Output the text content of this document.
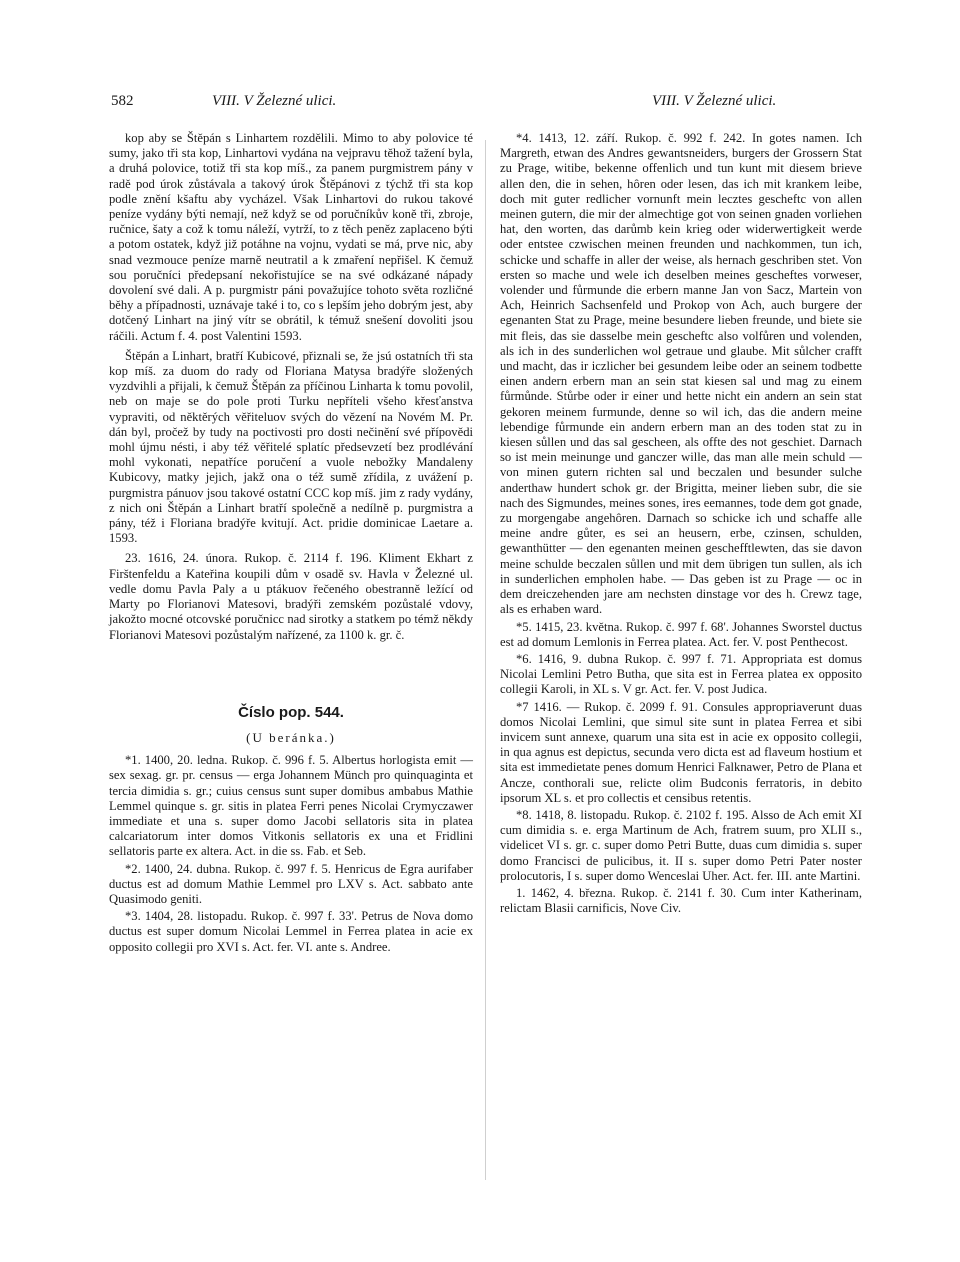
582	VIII. V Železné ulici.	VIII. V Železné ulici.

kop aby se Štěpán s Linhartem rozdělili. Mimo to aby polovice té sumy, jako tři sta kop, Linhartovi vydána na vejpravu těhož tažení byla, a druhá polovice, totiž tři sta kop míš., za panem purgmistrem pány v radě pod úrok zůstávala a takový úrok Štěpánovi z týchž tři sta kop podle znění kšaftu aby vycházel. Však Linhartovi do rukou takové peníze vydány býti nemají, než když se od poručníkův koně tři, zbroje, ručnice, šaty a což k tomu náleží, vytrží, to z těch peněz zaplaceno býti a potom ostatek, když již potáhne na vojnu, vydati se má, prve nic, aby snad vezmouce peníze marně neutratil a k zmaření nepřišel. K čemuž sou poručníci předepsaní nekořistujíce se na své odkázané nápady dovolení své dali. A p. purgmistr páni považujíce tohoto světa rozličné běhy a případnosti, uznávaje také i to, co s lepším jeho dobrým jest, aby dotčený Linhart na jiný vítr se obrátil, k témuž snešení dovoliti jsou ráčili. Actum f. 4. post Valentini 1593.

Štěpán a Linhart, bratří Kubicové, přiznali se, že jsú ostatních tři sta kop míš. za duom do rady od Floriana Matysa bradýře složených vyzdvihli a přijali, k čemuž Štěpán za příčinou Linharta k tomu povolil, neb on maje se do pole proti Turku nepříteli všeho křesťanstva vypraviti, od něktěrých věřiteluov svých do vězení na Novém M. Pr. dán byl, pročež by tudy na poctivosti pro dosti nečinění své přípovědi mohl újmu nésti, i aby též věřitelé splatíc předsevzetí bez prodlévání mohl vykonati, nepatříce poručení a vuole nebožky Mandaleny Kubicovy, matky jejich, jakž ona o též sumě zřídila, z uvážení p. purgmistra pánuov jsou takové ostatní CCC kop míš. jim z rady vydány, z nich oni Štěpán a Linhart bratří společně a nedílně p. purgmistra a pány, též i Floriana bradýře kvitují. Act. pridie dominicae Laetare a. 1593.

23. 1616, 24. února. Rukop. č. 2114 f. 196. Kliment Ekhart z Firštenfeldu a Kateřina koupili dům v osadě sv. Havla v Železné ul. vedle domu Pavla Paly a u ptákuov řečeného obestranně ležící od Marty po Florianovi Matesovi, bradýři zemském pozůstalé vdovy, jakožto mocné otcovské poručnicc nad sirotky a statkem po témž někdy Florianovi Matesovi pozůstalým nařízené, za 1100 k. gr. č.

Číslo pop. 544.

(U beránka.)

*1. 1400, 20. ledna. Rukop. č. 996 f. 5. Albertus horlogista emit — sex sexag. gr. pr. census — erga Johannem Münch pro quinquaginta et tercia dimidia s. gr.; cuius census sunt super domibus ambabus Mathie Lemmel quinque s. gr. sitis in platea Ferri penes Nicolai Crymyczawer immediate et una s. super domo Jacobi sellatoris sita in platea calcariatorum inter domos Vitkonis sellatoris ex una et Fridlini sellatoris parte ex altera. Act. in die ss. Fab. et Seb.

*2. 1400, 24. dubna. Rukop. č. 997 f. 5. Henricus de Egra aurifaber ductus est ad domum Mathie Lemmel pro LXV s. Act. sabbato ante Quasimodo geniti.

*3. 1404, 28. listopadu. Rukop. č. 997 f. 33'. Petrus de Nova domo ductus est super domum Nicolai Lemmel in Ferrea platea in acie ex opposito collegii pro XVI s. Act. fer. VI. ante s. Andree.

*4. 1413, 12. září. Rukop. č. 992 f. 242. In gotes namen. Ich Margreth, etwan des Andres gewantsneiders, burgers der Grossern Stat zu Prage, witibe, bekenne offenlich und tun kunt mit diesem brieve allen den, die in sehen, hôren oder lesen, das ich mit krankem leibe, doch mit guter redlicher vornunft mein lecztes gescheftc von allen meinen gutern, die mir der almechtige got von seinen gnaden vorliehen hat, den worten, das darůmb kein krieg oder widerwertigkeit werde oder entstee czwischen meinen freunden und nachkommen, tun ich, schicke und schaffe in aller der weise, als hernach geschriben stet. Von ersten so mache und wele ich deselben meines gescheftes vorweser, volender und fůrmunde die erbern manne Jan von Sacz, Martein von Ach, Heinrich Sachsenfeld und Prokop von Ach, auch burgere der egenanten Stat zu Prage, meine besundere lieben freunde, und biete sie mit fleis, das sie dasselbe mein gescheftc also volfůren und volenden, als ich in des sunderlichen wol getraue und glaube. Mit sůlcher crafft und macht, das ir iczlicher bei gesundem leibe oder an seinem todbette einen andern erbern man an sein stat kiesen sal und mag zu einem fůrmůnde. Stůrbe oder ir einer und hette nicht ein andern an sein stat gekoren meinem furmunde, denne so wil ich, das die andern meine lebendige fůrmunde ein andern erbern man an des toden stat zu in kiesen sůllen und das sal gescheen, als offte des not geschiet. Darnach so ist mein meinunge und ganczer wille, das man alle mein schuld — von minen gutern richten sal und beczalen und besunder sulche anderthaw hundert schok gr. der Brigitta, meiner lieben subr, die sie nach des Sigmundes, meines sones, ires eemannes, tode dem got gnade, zu morgengabe angehôren. Darnach so schicke ich und schaffe alle meine andre gůter, es sei an heusern, erbe, czinsen, schulden, gewanthütter — den egenanten meinen geschefftlewten, das sie davon meine schulde beczalen sůllen und mit dem übrigen tun sullen, als ich in sunderlichen empholen habe. — Das geben ist zu Prage — oc in dem dreiczehenden jare am nechsten dinstage vor des h. Crewz tage, als es erhaben ward.

*5. 1415, 23. května. Rukop. č. 997 f. 68'. Johannes Sworstel ductus est ad domum Lemlonis in Ferrea platea. Act. fer. V. post Penthecost.

*6. 1416, 9. dubna Rukop. č. 997 f. 71. Appropriata est domus Nicolai Lemlini Petro Butha, que sita est in Ferrea platea ex opposito collegii Karoli, in XL s. V gr. Act. fer. V. post Judica.

*7 1416. — Rukop. č. 2099 f. 91. Consules appropriaverunt duas domos Nicolai Lemlini, que simul site sunt in platea Ferrea et sibi invicem sunt annexe, quarum una sita est in acie ex opposito collegii, in qua agnus est depictus, secunda vero dicta est ad flaveum hostium et sita est immedietate penes domum Henrici Falknawer, Petro de Plana et Ancze, conthorali sue, relicte olim Budconis ferratoris, in debito ipsorum XL s. et pro collectis et censibus retentis.

*8. 1418, 8. listopadu. Rukop. č. 2102 f. 195. Alsso de Ach emit XI cum dimidia s. e. erga Martinum de Ach, fratrem suum, pro XLII s., videlicet VI s. gr. c. super domo Petri Butte, duas cum dimidia s. super domo Francisci de pulicibus, it. II s. super domo Petri Pater noster prolocutoris, I s. super domo Wenceslai Uher. Act. fer. III. ante Martini.

1. 1462, 4. března. Rukop. č. 2141 f. 30. Cum inter Katherinam, relictam Blasii carnificis, Nove Civ.
